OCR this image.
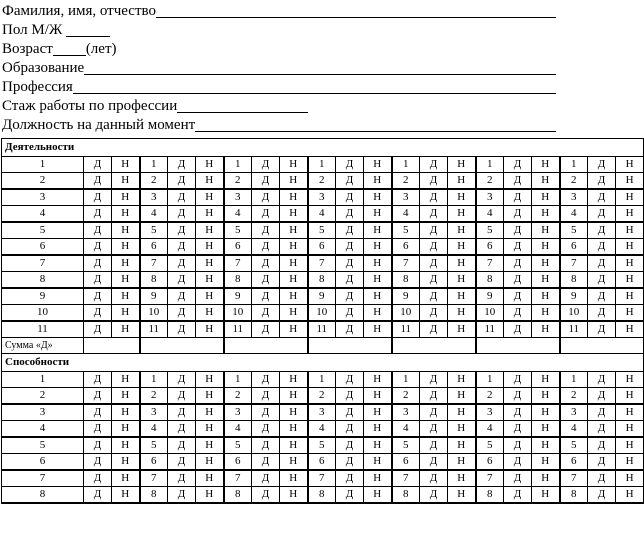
Фамилия, имя, отчество
Пол М/Ж
Возраст (лет)
Образование
Профессия
Стаж работы по профессии
Должность на данный момент
Деятельности																					
1	Д	Н	1	Д	Н	1	Д	Н	1	Д	Н	1	Д	Н	1	Д	Н	1	Д	Н	
2	Д	Н	2	Д	Н	2	Д	Н	2	Д	Н	2	Д	Н	2	Д	Н	2	Д	Н	
3	Д	Н	3	Д	Н	3	Д	Н	3	Д	Н	3	Д	Н	3	Д	Н	3	Д	Н	
4	Д	Н	4	Д	Н	4	Д	Н	4	Д	Н	4	Д	Н	4	Д	Н	4	Д	Н	
5	Д	Н	5	Д	Н	5	Д	Н	5	Д	Н	5	Д	Н	5	Д	Н	5	Д	Н	
6	Д	Н	6	Д	Н	6	Д	Н	6	Д	Н	6	Д	Н	6	Д	Н	6	Д	Н	
7	Д	Н	7	Д	Н	7	Д	Н	7	Д	Н	7	Д	Н	7	Д	Н	7	Д	Н	
8	Д	Н	8	Д	Н	8	Д	Н	8	Д	Н	8	Д	Н	8	Д	Н	8	Д	Н	
9	Д	Н	9	Д	Н	9	Д	Н	9	Д	Н	9	Д	Н	9	Д	Н	9	Д	Н	
10	Д	Н	10	Д	Н	10	Д	Н	10	Д	Н	10	Д	Н	10	Д	Н	10	Д	Н	
11	Д	Н	11	Д	Н	11	Д	Н	11	Д	Н	11	Д	Н	11	Д	Н	11	Д	Н	
Сумма «Д»																					
Способности																					
1	Д	Н	1	Д	Н	1	Д	Н	1	Д	Н	1	Д	Н	1	Д	Н	1	Д	Н	
2	Д	Н	2	Д	Н	2	Д	Н	2	Д	Н	2	Д	Н	2	Д	Н	2	Д	Н	
3	Д	Н	3	Д	Н	3	Д	Н	3	Д	Н	3	Д	Н	3	Д	Н	3	Д	Н	
4	Д	Н	4	Д	Н	4	Д	Н	4	Д	Н	4	Д	Н	4	Д	Н	4	Д	Н	
5	Д	Н	5	Д	Н	5	Д	Н	5	Д	Н	5	Д	Н	5	Д	Н	5	Д	Н	
6	Д	Н	6	Д	Н	6	Д	Н	6	Д	Н	6	Д	Н	6	Д	Н	6	Д	Н	
7	Д	Н	7	Д	Н	7	Д	Н	7	Д	Н	7	Д	Н	7	Д	Н	7	Д	Н	
8	Д	Н	8	Д	Н	8	Д	Н	8	Д	Н	8	Д	Н	8	Д	Н	8	Д	Н	
